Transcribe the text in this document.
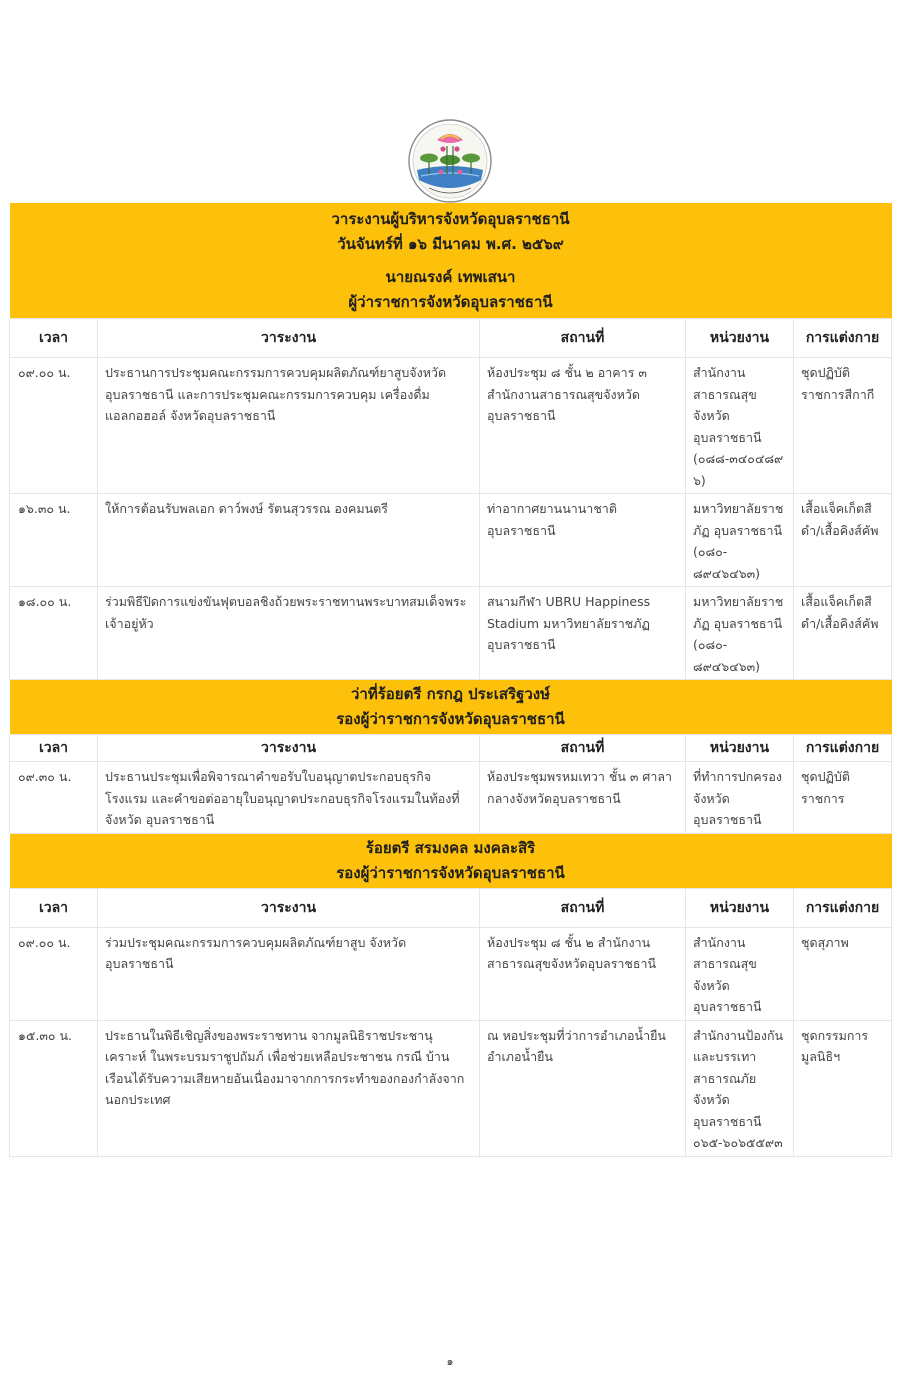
วาระงานผู้บริหารจังหวัดอุบลราชธานี
วันจันทร์ที่ ๑๖ มีนาคม พ.ศ. ๒๕๖๙
นายณรงค์ เทพเสนา
ผู้ว่าราชการจังหวัดอุบลราชธานี				

เวลา	วาระงาน	สถานที่	หน่วยงาน	การแต่งกาย
๐๙.๐๐ น.	ประธานการประชุมคณะกรรมการควบคุมผลิตภัณฑ์ยาสูบจังหวัดอุบลราชธานี และการประชุมคณะกรรมการควบคุม เครื่องดื่มแอลกอฮอล์ จังหวัดอุบลราชธานี	ห้องประชุม ๘ ชั้น ๒ อาคาร ๓ สำนักงานสาธารณสุขจังหวัด อุบลราชธานี	สำนักงาน สาธารณสุขจังหวัด อุบลราชธานี (๐๘๘-๓๔๐๔๘๙๖)	ชุดปฏิบัติ ราชการสีกากี
๑๖.๓๐ น.	ให้การต้อนรับพลเอก ดาว์พงษ์ รัตนสุวรรณ องคมนตรี	ท่าอากาศยานนานาชาติอุบลราชธานี	มหาวิทยาลัยราช ภัฏ อุบลราชธานี (๐๘๐- ๘๙๔๖๔๖๓)	เสื้อแจ็คเก็ตสี ดำ/เสื้อคิงส์คัพ
๑๘.๐๐ น.	ร่วมพิธีปิดการแข่งขันฟุตบอลชิงถ้วยพระราชทานพระบาทสมเด็จพระ เจ้าอยู่หัว	สนามกีฬา UBRU Happiness Stadium มหาวิทยาลัยราชภัฏ อุบลราชธานี	มหาวิทยาลัยราช ภัฏ อุบลราชธานี (๐๘๐- ๘๙๔๖๔๖๓)	เสื้อแจ็คเก็ตสี ดำ/เสื้อคิงส์คัพ

ว่าที่ร้อยตรี กรกฎ ประเสริฐวงษ์
รองผู้ว่าราชการจังหวัดอุบลราชธานี				

เวลา	วาระงาน	สถานที่	หน่วยงาน	การแต่งกาย
๐๙.๓๐ น.	ประธานประชุมเพื่อพิจารณาคำขอรับใบอนุญาตประกอบธุรกิจโรงแรม และคำขอต่ออายุใบอนุญาตประกอบธุรกิจโรงแรมในท้องที่จังหวัด อุบลราชธานี	ห้องประชุมพรหมเทวา ชั้น ๓ ศาลากลางจังหวัดอุบลราชธานี	ที่ทำการปกครอง จังหวัด อุบลราชธานี	ชุดปฏิบัติ ราชการ

ร้อยตรี สรมงคล มงคละสิริ
รองผู้ว่าราชการจังหวัดอุบลราชธานี				

เวลา	วาระงาน	สถานที่	หน่วยงาน	การแต่งกาย
๐๙.๐๐ น.	ร่วมประชุมคณะกรรมการควบคุมผลิตภัณฑ์ยาสูบ จังหวัดอุบลราชธานี	ห้องประชุม ๘ ชั้น ๒ สำนักงาน สาธารณสุขจังหวัดอุบลราชธานี	สำนักงาน สาธารณสุขจังหวัด อุบลราชธานี	ชุดสุภาพ
๑๕.๓๐ น.	ประธานในพิธีเชิญสิ่งของพระราชทาน จากมูลนิธิราชประชานุเคราะห์ ในพระบรมราชูปถัมภ์ เพื่อช่วยเหลือประชาชน กรณี บ้านเรือนได้รับความเสียหายอันเนื่องมาจากการกระทำของกองกำลังจากนอกประเทศ	ณ หอประชุมที่ว่าการอำเภอน้ำยืน อำเภอน้ำยืน	สำนักงานป้องกัน และบรรเทา สาธารณภัย จังหวัด อุบลราชธานี ๐๖๕-๖๐๖๕๕๙๓	ชุดกรรมการ มูลนิธิฯ
๑
